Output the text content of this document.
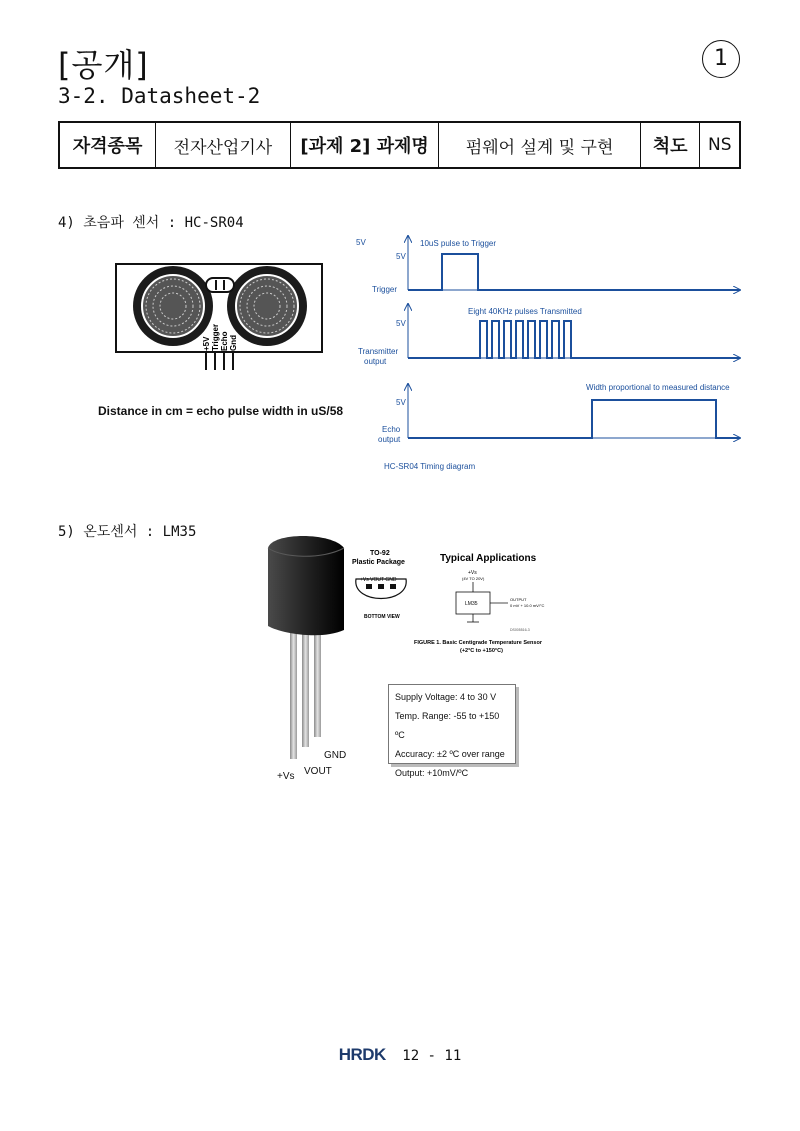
[공개]	1
3-2. Datasheet-2
자격종목	전자산업기사	[과제 2] 과제명	펌웨어 설계 및 구현	척도	NS
4) 초음파 센서 : HC-SR04
+5V Trigger Echo Gnd
Distance in cm = echo pulse width in uS/58
5V	10uS pulse to Trigger
5V
Trigger
Eight 40KHz pulses Transmitted
5V
Transmitter
output
Width proportional to measured distance
5V
Echo
output
HC-SR04 Timing diagram
5) 온도센서 : LM35
GND
VOUT
+Vs
TO-92
Plastic Package
+Vs VOUT GND
BOTTOM VIEW
Typical Applications
+Vs
(4V TO 20V)
LM35
OUTPUT
0 mV + 10.0 mV/°C
DS005516-3
FIGURE 1. Basic Centigrade Temperature Sensor
(+2°C to +150°C)
Supply Voltage: 4 to 30 V
Temp. Range: -55 to +150 ºC
Accuracy: ±2 ºC over range
Output: +10mV/ºC
HRDK 12 - 11
